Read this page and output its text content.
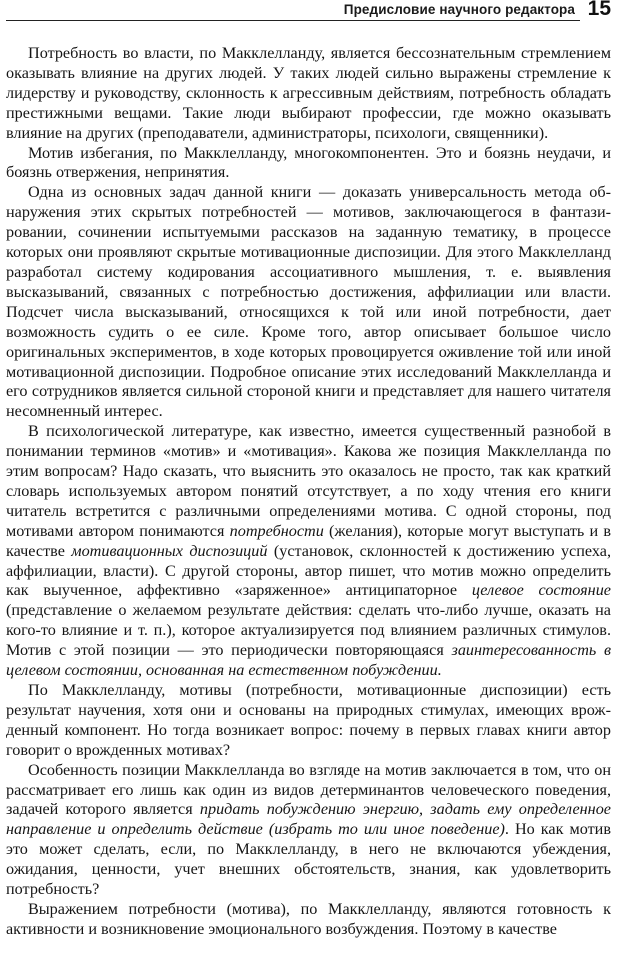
Предисловие научного редактора 15

Потребность во власти, по Макклелланду, является бессознательным стремлением оказывать влияние на других людей. У таких людей сильно выражены стремление к лидерству и руководству, склонность к агрессивным действиям, потребность обладать престижными вещами. Такие люди выбирают профессии, где можно оказывать влияние на других (преподаватели, администраторы, психологи, священники).

Мотив избегания, по Макклелланду, многокомпонентен. Это и боязнь неудачи, и боязнь отвержения, непринятия.

Одна из основных задач данной книги — доказать универсальность метода обнаружения этих скрытых потребностей — мотивов, заключающегося в фантазировании, сочинении испытуемыми рассказов на заданную тематику, в процессе которых они проявляют скрытые мотивационные диспозиции. Для этого Макклелланд разработал систему кодирования ассоциативного мышления, т. е. выявления высказываний, связанных с потребностью достижения, аффилиации или власти. Подсчет числа высказываний, относящихся к той или иной потребности, дает возможность судить о ее силе. Кроме того, автор описывает большое число оригинальных экспериментов, в ходе которых провоцируется оживление той или иной мотивационной диспозиции. Подробное описание этих исследований Макклелланда и его сотрудников является сильной стороной книги и представляет для нашего читателя несомненный интерес.

В психологической литературе, как известно, имеется существенный разнобой в понимании терминов «мотив» и «мотивация». Какова же позиция Макклелланда по этим вопросам? Надо сказать, что выяснить это оказалось не просто, так как краткий словарь используемых автором понятий отсутствует, а по ходу чтения его книги читатель встретится с различными определениями мотива. С одной стороны, под мотивами автором понимаются потребности (желания), которые могут выступать и в качестве мотивационных диспозиций (установок, склонностей к достижению успеха, аффилиации, власти). С другой стороны, автор пишет, что мотив можно определить как выученное, аффективно «заряженное» антиципаторное целевое состояние (представление о желаемом результате действия: сделать что-либо лучше, оказать на кого-то влияние и т. п.), которое актуализируется под влиянием различных стимулов. Мотив с этой позиции — это периодически повторяющаяся заинтересованность в целевом состоянии, основанная на естественном побуждении.

По Макклелланду, мотивы (потребности, мотивационные диспозиции) есть результат научения, хотя они и основаны на природных стимулах, имеющих врожденный компонент. Но тогда возникает вопрос: почему в первых главах книги автор говорит о врожденных мотивах?

Особенность позиции Макклелланда во взгляде на мотив заключается в том, что он рассматривает его лишь как один из видов детерминантов человеческого поведения, задачей которого является придать побуждению энергию, задать ему определенное направление и определить действие (избрать то или иное поведение). Но как мотив это может сделать, если, по Макклелланду, в него не включаются убеждения, ожидания, ценности, учет внешних обстоятельств, знания, как удовлетворить потребность?

Выражением потребности (мотива), по Макклелланду, являются готовность к активности и возникновение эмоционального возбуждения. Поэтому в качестве
